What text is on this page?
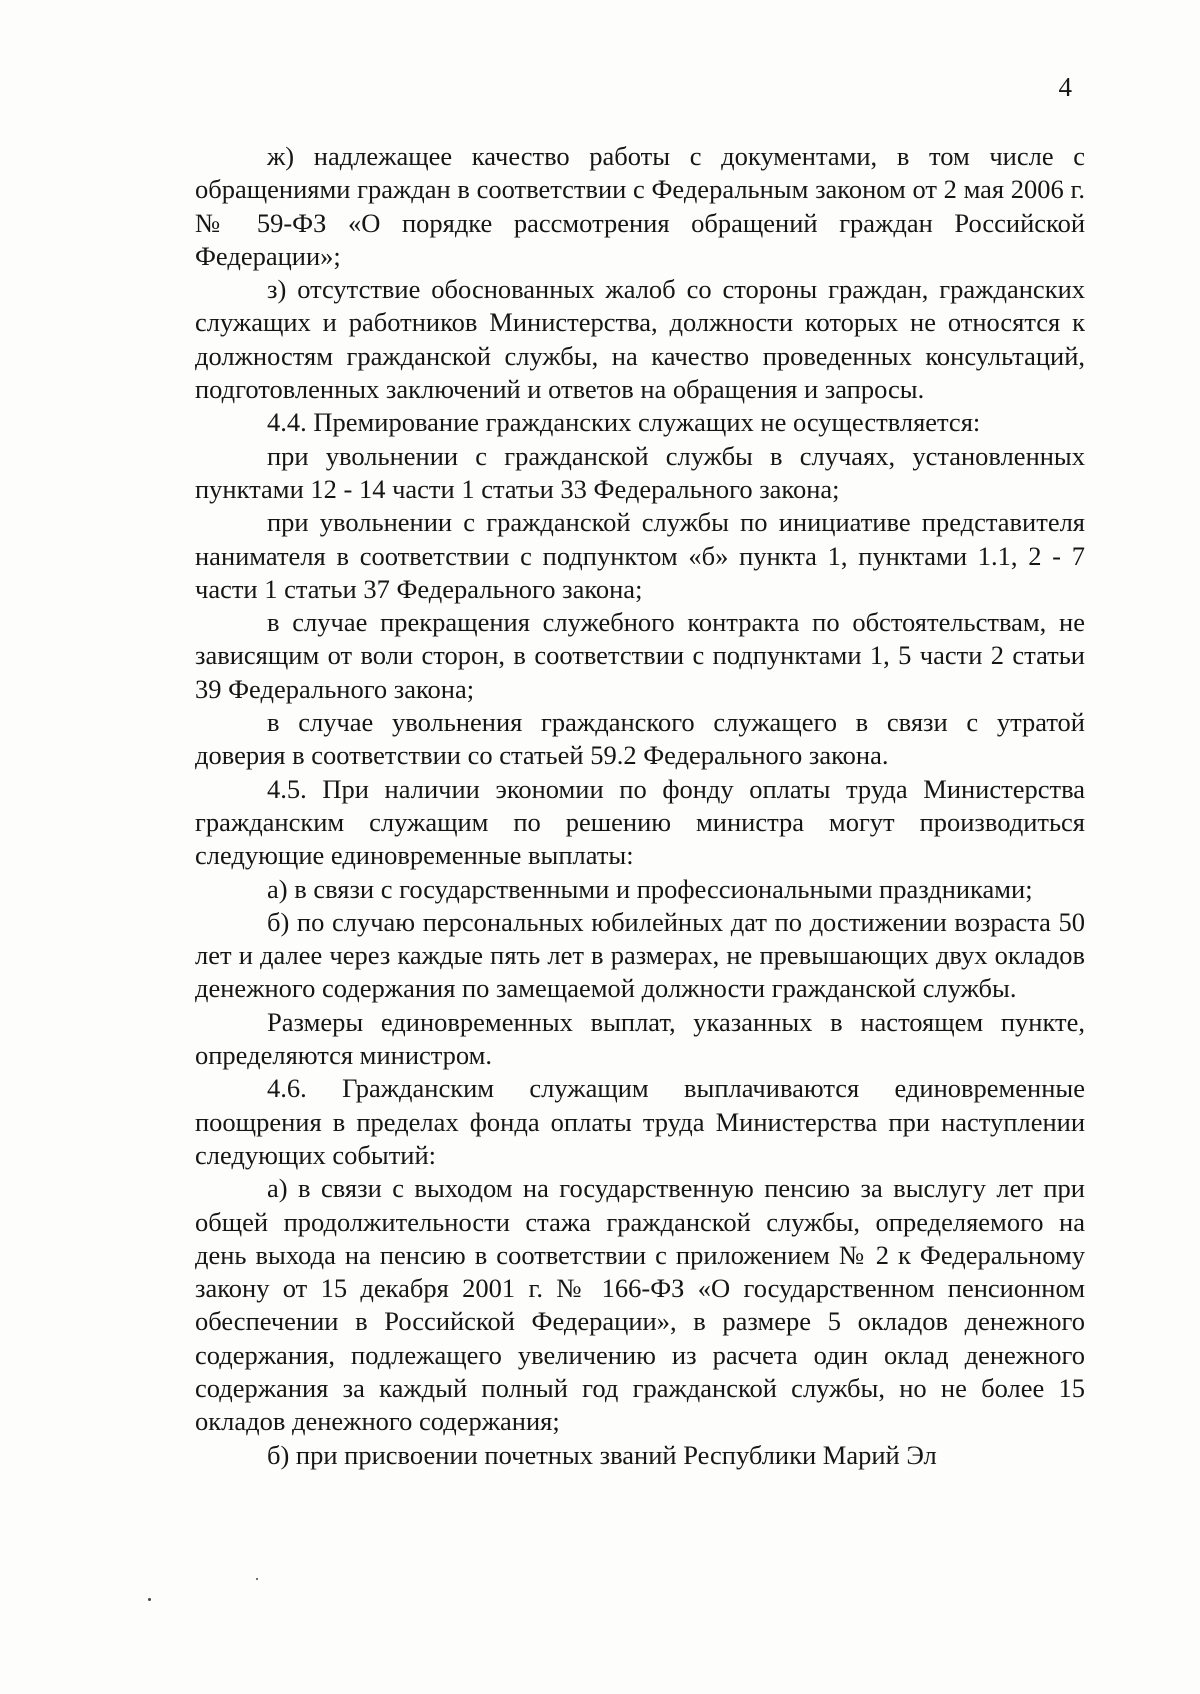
4

ж) надлежащее качество работы с документами, в том числе с обращениями граждан в соответствии с Федеральным законом от 2 мая 2006 г. № 59-ФЗ «О порядке рассмотрения обращений граждан Российской Федерации»;

з) отсутствие обоснованных жалоб со стороны граждан, гражданских служащих и работников Министерства, должности которых не относятся к должностям гражданской службы, на качество проведенных консультаций, подготовленных заключений и ответов на обращения и запросы.

4.4. Премирование гражданских служащих не осуществляется:

при увольнении с гражданской службы в случаях, установленных пунктами 12 - 14 части 1 статьи 33 Федерального закона;

при увольнении с гражданской службы по инициативе представителя нанимателя в соответствии с подпунктом «б» пункта 1, пунктами 1.1, 2 - 7 части 1 статьи 37 Федерального закона;

в случае прекращения служебного контракта по обстоятельствам, не зависящим от воли сторон, в соответствии с подпунктами 1, 5 части 2 статьи 39 Федерального закона;

в случае увольнения гражданского служащего в связи с утратой доверия в соответствии со статьей 59.2 Федерального закона.

4.5. При наличии экономии по фонду оплаты труда Министерства гражданским служащим по решению министра могут производиться следующие единовременные выплаты:

а) в связи с государственными и профессиональными праздниками;

б) по случаю персональных юбилейных дат по достижении возраста 50 лет и далее через каждые пять лет в размерах, не превышающих двух окладов денежного содержания по замещаемой должности гражданской службы.

Размеры единовременных выплат, указанных в настоящем пункте, определяются министром.

4.6. Гражданским служащим выплачиваются единовременные поощрения в пределах фонда оплаты труда Министерства при наступлении следующих событий:

а) в связи с выходом на государственную пенсию за выслугу лет при общей продолжительности стажа гражданской службы, определяемого на день выхода на пенсию в соответствии с приложением № 2 к Федеральному закону от 15 декабря 2001 г. № 166-ФЗ «О государственном пенсионном обеспечении в Российской Федерации», в размере 5 окладов денежного содержания, подлежащего увеличению из расчета один оклад денежного содержания за каждый полный год гражданской службы, но не более 15 окладов денежного содержания;

б) при присвоении почетных званий Республики Марий Эл
